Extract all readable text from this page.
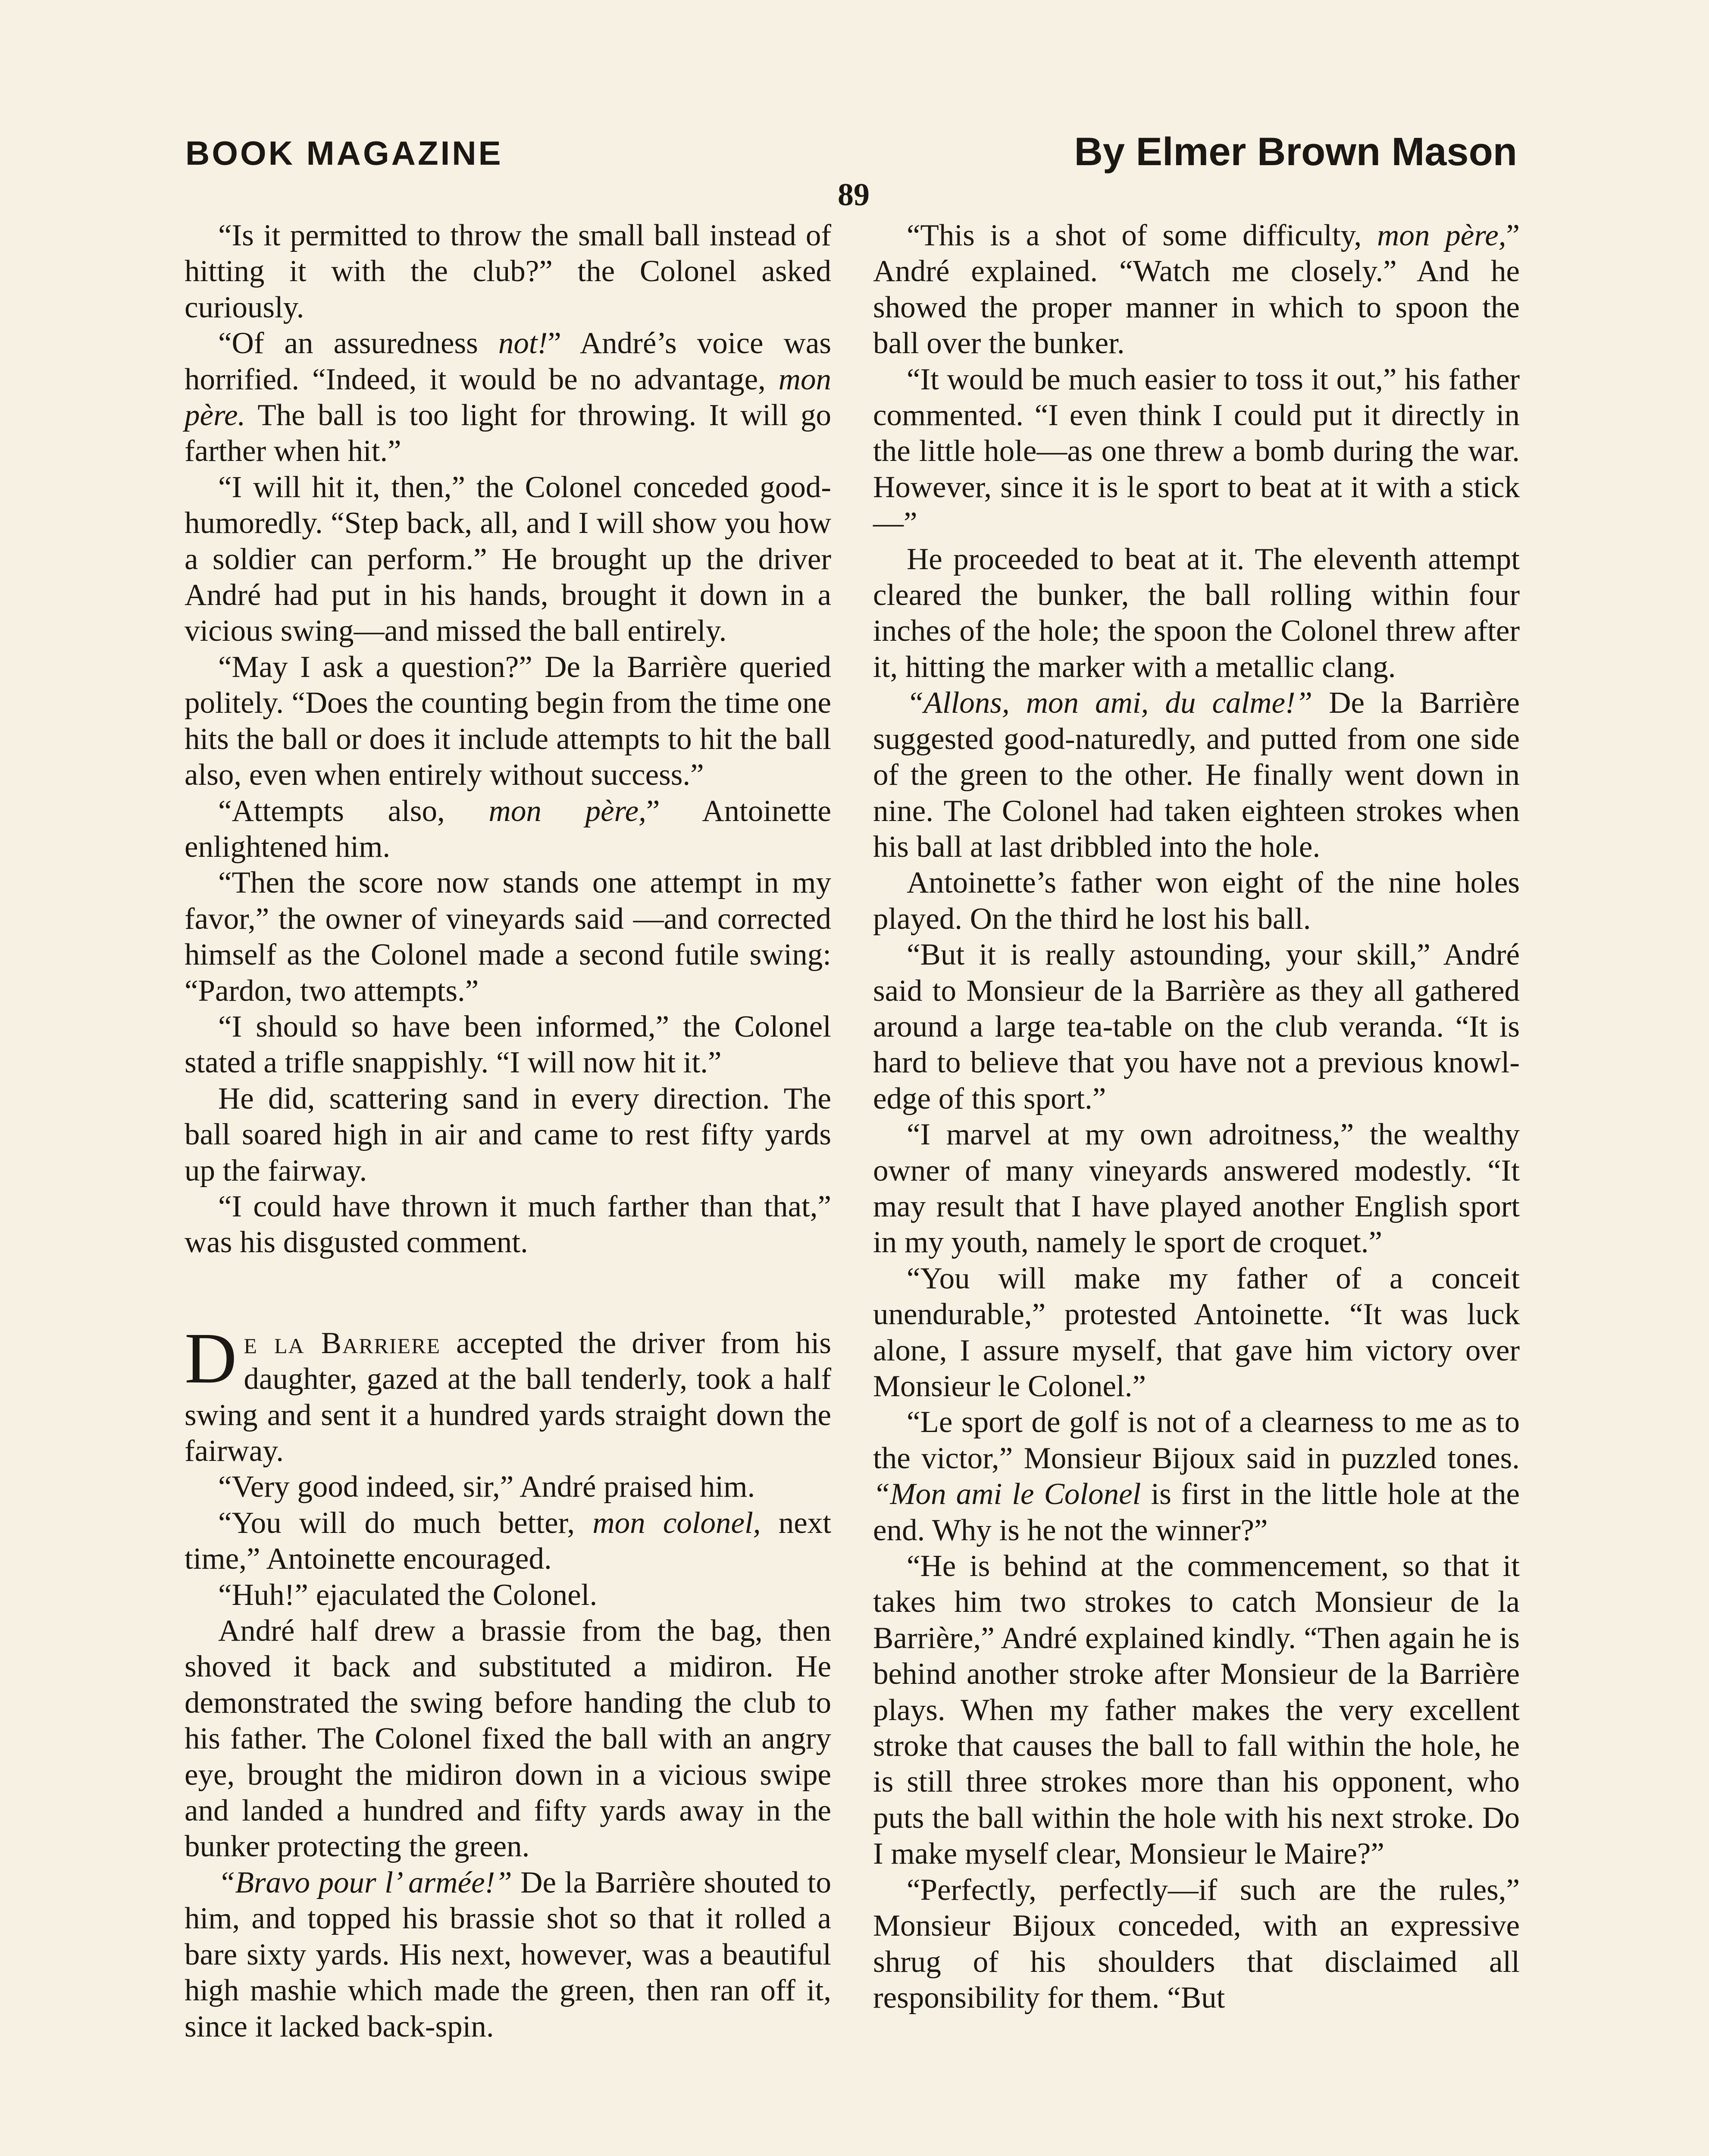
BOOK MAGAZINE	By Elmer Brown Mason
89

“Is it permitted to throw the small ball instead of hitting it with the club?” the Colonel asked curiously.

“Of an assuredness not!” André’s voice was horrified. “Indeed, it would be no advantage, mon père. The ball is too light for throwing. It will go farther when hit.”

“I will hit it, then,” the Colonel conceded good-humoredly. “Step back, all, and I will show you how a soldier can perform.” He brought up the driver André had put in his hands, brought it down in a vicious swing—and missed the ball entirely.

“May I ask a question?” De la Barrière queried politely. “Does the counting begin from the time one hits the ball or does it include attempts to hit the ball also, even when entirely without success.”

“Attempts also, mon père,” Antoinette enlightened him.

“Then the score now stands one attempt in my favor,” the owner of vineyards said —and corrected himself as the Colonel made a second futile swing: “Pardon, two attempts.”

“I should so have been informed,” the Colonel stated a trifle snappishly. “I will now hit it.”

He did, scattering sand in every direction. The ball soared high in air and came to rest fifty yards up the fairway.

“I could have thrown it much farther than that,” was his disgusted comment.

De la Barriere accepted the driver from his daughter, gazed at the ball tenderly, took a half swing and sent it a hundred yards straight down the fairway.

“Very good indeed, sir,” André praised him.

“You will do much better, mon colonel, next time,” Antoinette encouraged.

“Huh!” ejaculated the Colonel.

André half drew a brassie from the bag, then shoved it back and substituted a midiron. He demonstrated the swing before handing the club to his father. The Colonel fixed the ball with an angry eye, brought the midiron down in a vicious swipe and landed a hundred and fifty yards away in the bunker protecting the green.

“Bravo pour l’ armée!” De la Barrière shouted to him, and topped his brassie shot so that it rolled a bare sixty yards. His next, however, was a beautiful high mashie which made the green, then ran off it, since it lacked back-spin.

“This is a shot of some difficulty, mon père,” André explained. “Watch me closely.” And he showed the proper manner in which to spoon the ball over the bunker.

“It would be much easier to toss it out,” his father commented. “I even think I could put it directly in the little hole—as one threw a bomb during the war. However, since it is le sport to beat at it with a stick—”

He proceeded to beat at it. The eleventh attempt cleared the bunker, the ball rolling within four inches of the hole; the spoon the Colonel threw after it, hitting the marker with a metallic clang.

“Allons, mon ami, du calme!” De la Barrière suggested good-naturedly, and putted from one side of the green to the other. He finally went down in nine. The Colonel had taken eighteen strokes when his ball at last dribbled into the hole.

Antoinette’s father won eight of the nine holes played. On the third he lost his ball.

“But it is really astounding, your skill,” André said to Monsieur de la Barrière as they all gathered around a large tea-table on the club veranda. “It is hard to believe that you have not a previous knowledge of this sport.”

“I marvel at my own adroitness,” the wealthy owner of many vineyards answered modestly. “It may result that I have played another English sport in my youth, namely le sport de croquet.”

“You will make my father of a conceit unendurable,” protested Antoinette. “It was luck alone, I assure myself, that gave him victory over Monsieur le Colonel.”

“Le sport de golf is not of a clearness to me as to the victor,” Monsieur Bijoux said in puzzled tones. “Mon ami le Colonel is first in the little hole at the end. Why is he not the winner?”

“He is behind at the commencement, so that it takes him two strokes to catch Monsieur de la Barrière,” André explained kindly. “Then again he is behind another stroke after Monsieur de la Barrière plays. When my father makes the very excellent stroke that causes the ball to fall within the hole, he is still three strokes more than his opponent, who puts the ball within the hole with his next stroke. Do I make myself clear, Monsieur le Maire?”

“Perfectly, perfectly—if such are the rules,” Monsieur Bijoux conceded, with an expressive shrug of his shoulders that disclaimed all responsibility for them. “But
